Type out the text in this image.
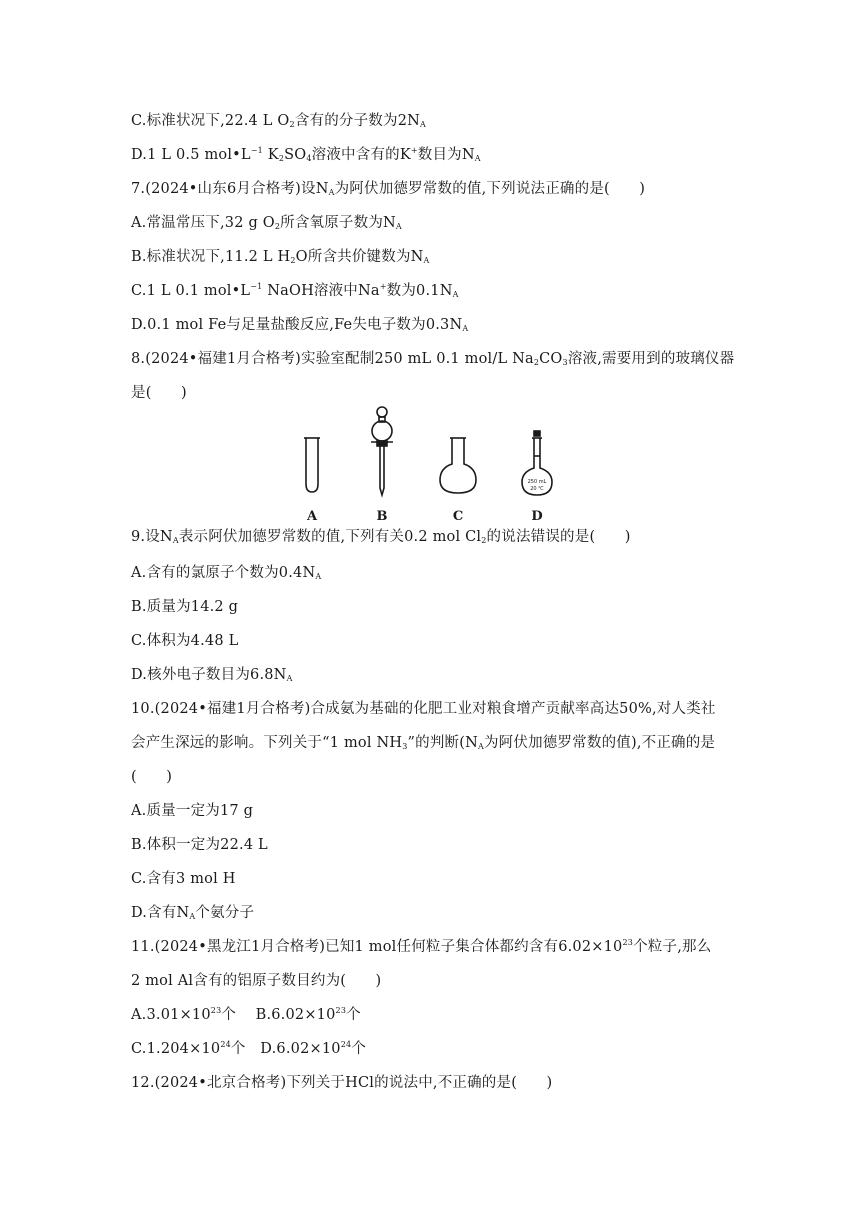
C.标准状况下,22.4 L $O_2$含有的分子数为$2N_A$
D.1 L 0.5 $mol•L^{-1}$ $K_2SO_4$溶液中含有的K+数目为$N_A$
7.(2024•山东6月合格考)设$N_A$为阿伏加德罗常数的值,下列说法正确的是(　　)
A.常温常压下,32 g $O_2$所含氧原子数为$N_A$
B.标准状况下,11.2 L $H_2O$所含共价键数为$N_A$
C.1 L 0.1 $mol•L^{-1}$ NaOH溶液中Na+数为$0.1N_A$
D.0.1 mol Fe与足量盐酸反应,Fe失电子数为$0.3N_A$
8.(2024•福建1月合格考)实验室配制250 mL 0.1 mol/L $Na_2CO_3$溶液,需要用到的玻璃仪器
是(　　)
250 mL
20 ℃
A	B	C	D
9.设$N_A$表示阿伏加德罗常数的值,下列有关0.2 mol $Cl_2$的说法错误的是(　　)
A.含有的氯原子个数为$0.4N_A$
B.质量为14.2 g
C.体积为4.48 L
D.核外电子数目为$6.8N_A$
10.(2024•福建1月合格考)合成氨为基础的化肥工业对粮食增产贡献率高达50%,对人类社
会产生深远的影响。下列关于“1 mol $NH_3$”的判断($N_A$为阿伏加德罗常数的值),不正确的是
(　　)
A.质量一定为17 g
B.体积一定为22.4 L
C.含有3 mol H
D.含有$N_A$个氨分子
11.(2024•黑龙江1月合格考)已知1 mol任何粒子集合体都约含有$6.02\times 10^{23}$个粒子,那么
2 mol Al含有的铝原子数目约为(　　)
$A.3.01\times 10^{23}$个　 $B.6.02\times 10^{23}$个
$C.1.204\times 10^{24}$个　$D.6.02\times 10^{24}$个
12.(2024•北京合格考)下列关于HCl的说法中,不正确的是(　　)
